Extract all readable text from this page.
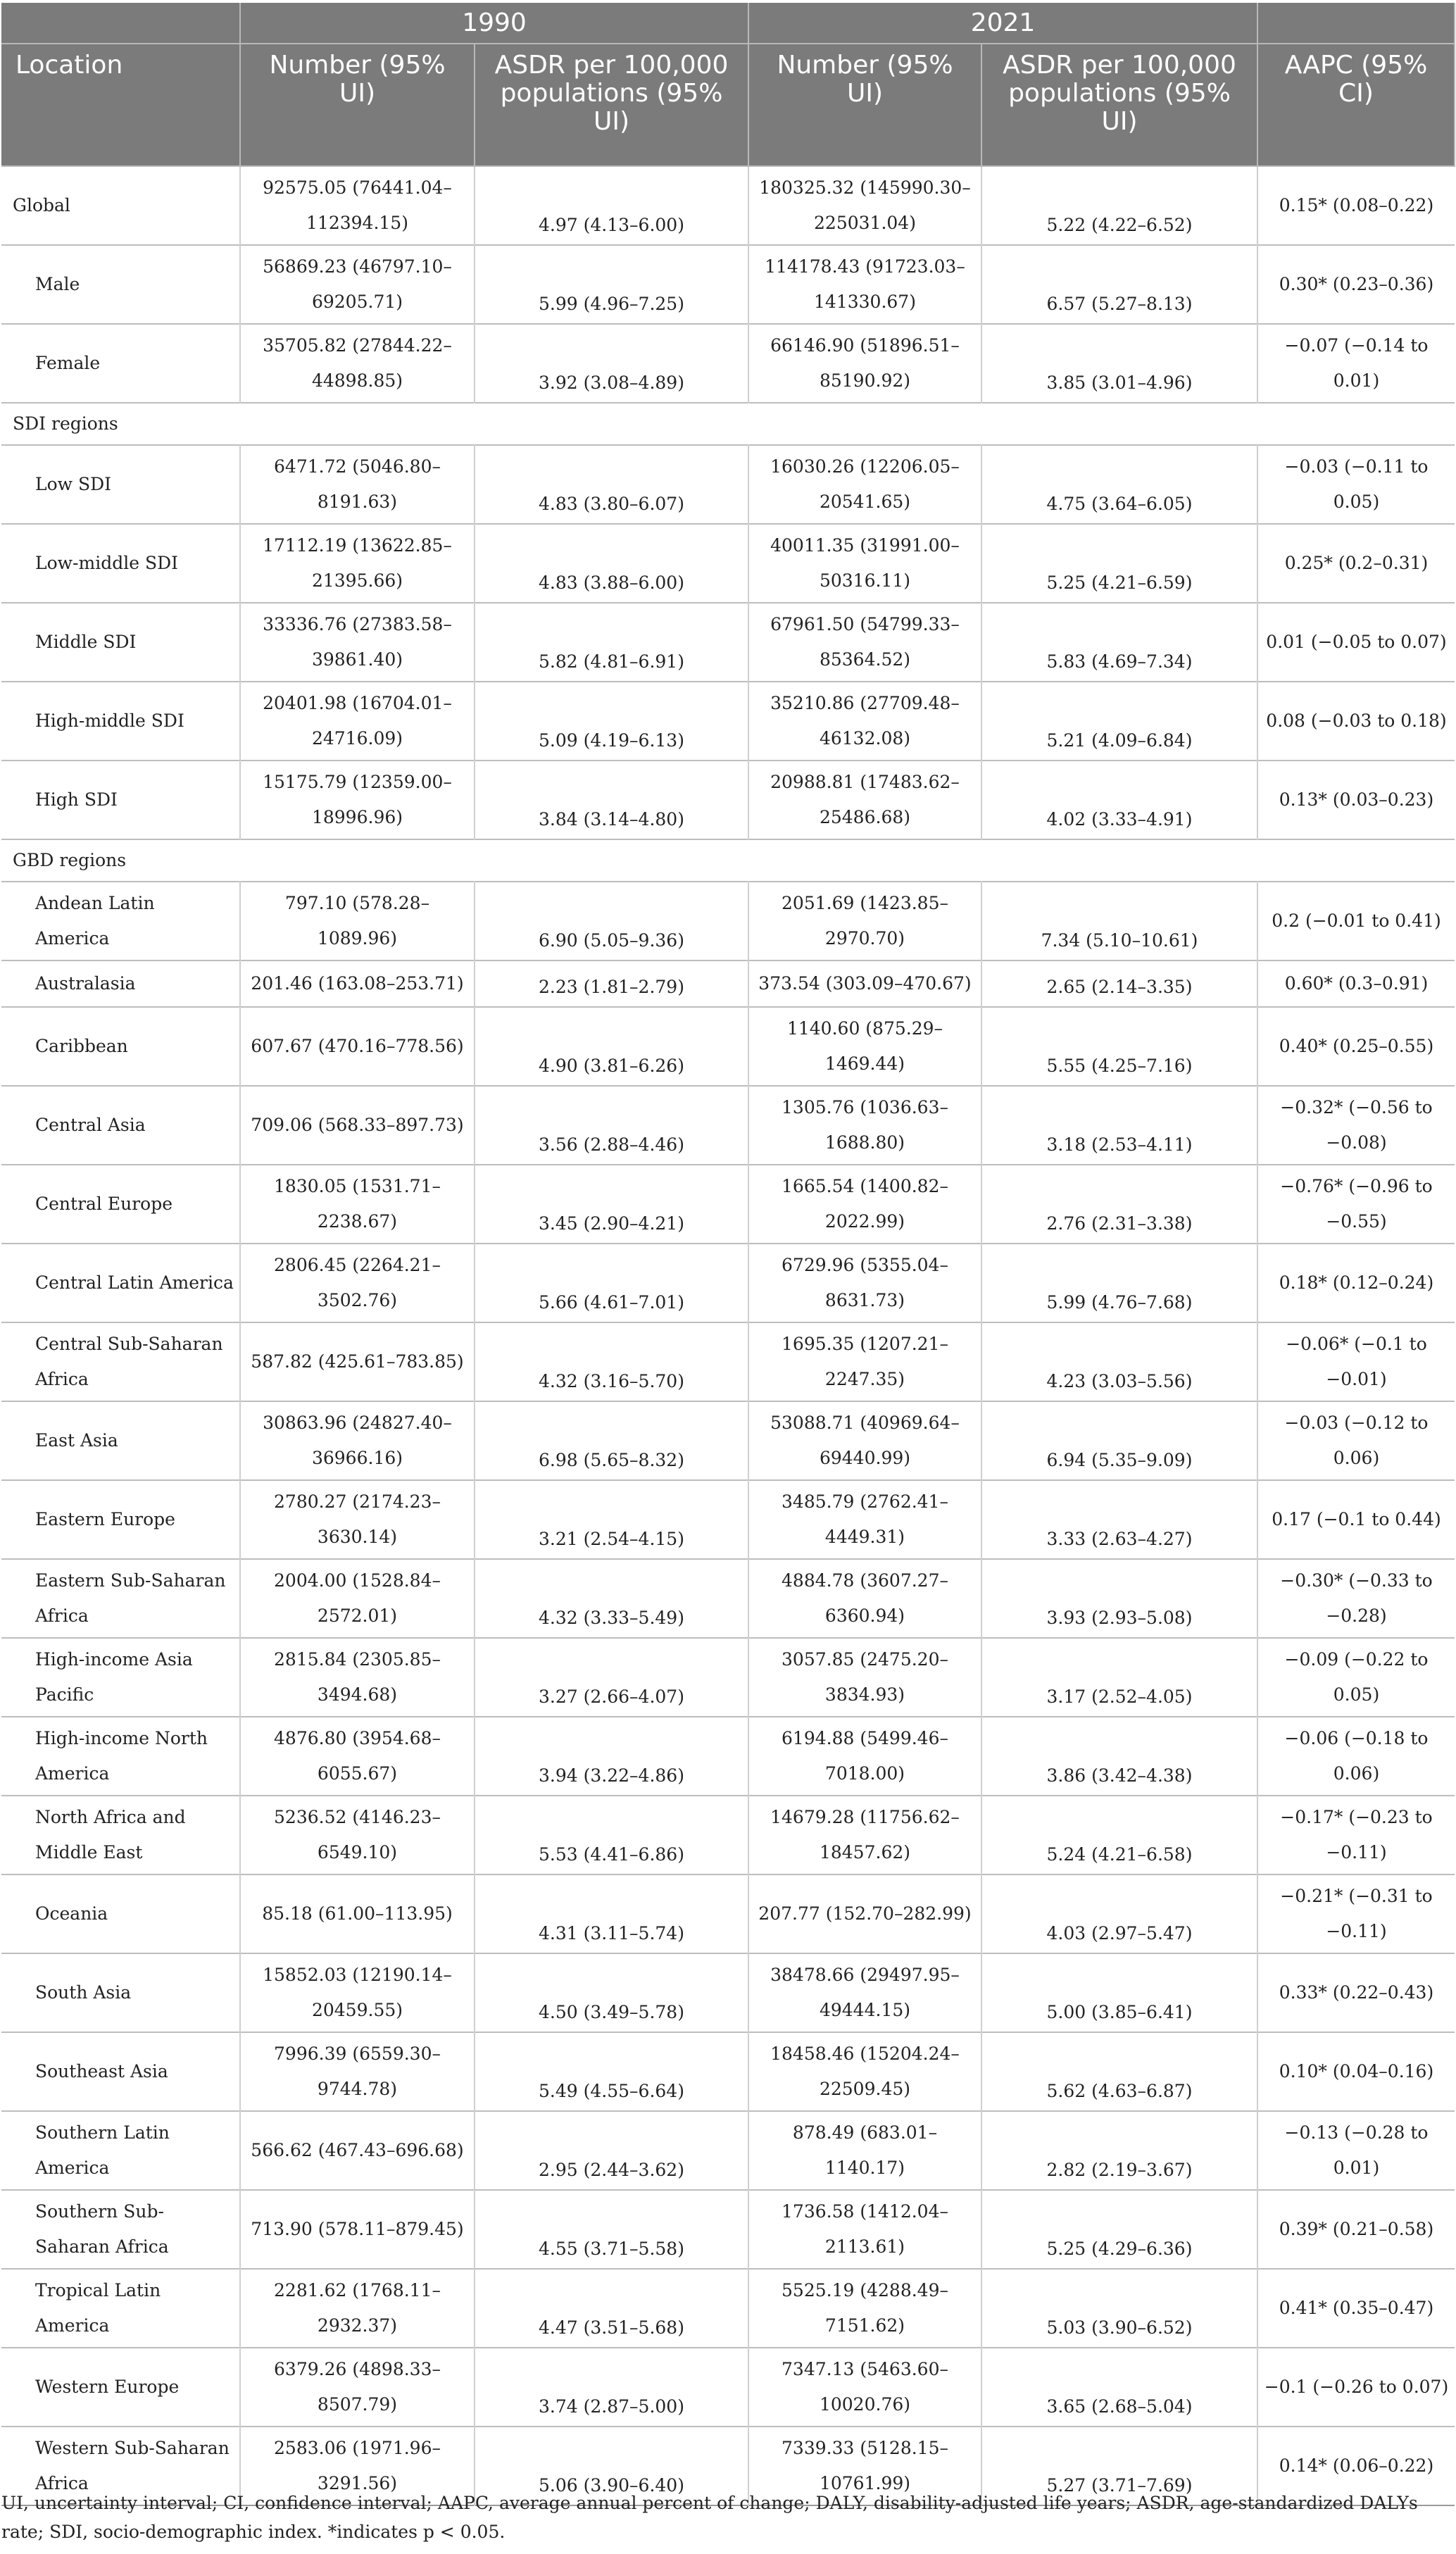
	1990		2021		
Location	Number (95% UI)	ASDR per 100,000 populations (95% UI)	Number (95% UI)	ASDR per 100,000 populations (95% UI)	AAPC (95% CI)
Global	92575.05 (76441.04–112394.15)	4.97 (4.13–6.00)	180325.32 (145990.30–225031.04)	5.22 (4.22–6.52)	0.15* (0.08–0.22)
Male	56869.23 (46797.10–69205.71)	5.99 (4.96–7.25)	114178.43 (91723.03–141330.67)	6.57 (5.27–8.13)	0.30* (0.23–0.36)
Female	35705.82 (27844.22–44898.85)	3.92 (3.08–4.89)	66146.90 (51896.51–85190.92)	3.85 (3.01–4.96)	−0.07 (−0.14 to 0.01)
SDI regions					
Low SDI	6471.72 (5046.80–8191.63)	4.83 (3.80–6.07)	16030.26 (12206.05–20541.65)	4.75 (3.64–6.05)	−0.03 (−0.11 to 0.05)
Low-middle SDI	17112.19 (13622.85–21395.66)	4.83 (3.88–6.00)	40011.35 (31991.00–50316.11)	5.25 (4.21–6.59)	0.25* (0.2–0.31)
Middle SDI	33336.76 (27383.58–39861.40)	5.82 (4.81–6.91)	67961.50 (54799.33–85364.52)	5.83 (4.69–7.34)	0.01 (−0.05 to 0.07)
High-middle SDI	20401.98 (16704.01–24716.09)	5.09 (4.19–6.13)	35210.86 (27709.48–46132.08)	5.21 (4.09–6.84)	0.08 (−0.03 to 0.18)
High SDI	15175.79 (12359.00–18996.96)	3.84 (3.14–4.80)	20988.81 (17483.62–25486.68)	4.02 (3.33–4.91)	0.13* (0.03–0.23)
GBD regions					
Andean Latin America	797.10 (578.28–1089.96)	6.90 (5.05–9.36)	2051.69 (1423.85–2970.70)	7.34 (5.10–10.61)	0.2 (−0.01 to 0.41)
Australasia	201.46 (163.08–253.71)	2.23 (1.81–2.79)	373.54 (303.09–470.67)	2.65 (2.14–3.35)	0.60* (0.3–0.91)
Caribbean	607.67 (470.16–778.56)	4.90 (3.81–6.26)	1140.60 (875.29–1469.44)	5.55 (4.25–7.16)	0.40* (0.25–0.55)
Central Asia	709.06 (568.33–897.73)	3.56 (2.88–4.46)	1305.76 (1036.63–1688.80)	3.18 (2.53–4.11)	−0.32* (−0.56 to −0.08)
Central Europe	1830.05 (1531.71–2238.67)	3.45 (2.90–4.21)	1665.54 (1400.82–2022.99)	2.76 (2.31–3.38)	−0.76* (−0.96 to −0.55)
Central Latin America	2806.45 (2264.21–3502.76)	5.66 (4.61–7.01)	6729.96 (5355.04–8631.73)	5.99 (4.76–7.68)	0.18* (0.12–0.24)
Central Sub-Saharan Africa	587.82 (425.61–783.85)	4.32 (3.16–5.70)	1695.35 (1207.21–2247.35)	4.23 (3.03–5.56)	−0.06* (−0.1 to −0.01)
East Asia	30863.96 (24827.40–36966.16)	6.98 (5.65–8.32)	53088.71 (40969.64–69440.99)	6.94 (5.35–9.09)	−0.03 (−0.12 to 0.06)
Eastern Europe	2780.27 (2174.23–3630.14)	3.21 (2.54–4.15)	3485.79 (2762.41–4449.31)	3.33 (2.63–4.27)	0.17 (−0.1 to 0.44)
Eastern Sub-Saharan Africa	2004.00 (1528.84–2572.01)	4.32 (3.33–5.49)	4884.78 (3607.27–6360.94)	3.93 (2.93–5.08)	−0.30* (−0.33 to −0.28)
High-income Asia Pacific	2815.84 (2305.85–3494.68)	3.27 (2.66–4.07)	3057.85 (2475.20–3834.93)	3.17 (2.52–4.05)	−0.09 (−0.22 to 0.05)
High-income North America	4876.80 (3954.68–6055.67)	3.94 (3.22–4.86)	6194.88 (5499.46–7018.00)	3.86 (3.42–4.38)	−0.06 (−0.18 to 0.06)
North Africa and Middle East	5236.52 (4146.23–6549.10)	5.53 (4.41–6.86)	14679.28 (11756.62–18457.62)	5.24 (4.21–6.58)	−0.17* (−0.23 to −0.11)
Oceania	85.18 (61.00–113.95)	4.31 (3.11–5.74)	207.77 (152.70–282.99)	4.03 (2.97–5.47)	−0.21* (−0.31 to −0.11)
South Asia	15852.03 (12190.14–20459.55)	4.50 (3.49–5.78)	38478.66 (29497.95–49444.15)	5.00 (3.85–6.41)	0.33* (0.22–0.43)
Southeast Asia	7996.39 (6559.30–9744.78)	5.49 (4.55–6.64)	18458.46 (15204.24–22509.45)	5.62 (4.63–6.87)	0.10* (0.04–0.16)
Southern Latin America	566.62 (467.43–696.68)	2.95 (2.44–3.62)	878.49 (683.01–1140.17)	2.82 (2.19–3.67)	−0.13 (−0.28 to 0.01)
Southern Sub-Saharan Africa	713.90 (578.11–879.45)	4.55 (3.71–5.58)	1736.58 (1412.04–2113.61)	5.25 (4.29–6.36)	0.39* (0.21–0.58)
Tropical Latin America	2281.62 (1768.11–2932.37)	4.47 (3.51–5.68)	5525.19 (4288.49–7151.62)	5.03 (3.90–6.52)	0.41* (0.35–0.47)
Western Europe	6379.26 (4898.33–8507.79)	3.74 (2.87–5.00)	7347.13 (5463.60–10020.76)	3.65 (2.68–5.04)	−0.1 (−0.26 to 0.07)
Western Sub-Saharan Africa	2583.06 (1971.96–3291.56)	5.06 (3.90–6.40)	7339.33 (5128.15–10761.99)	5.27 (3.71–7.69)	0.14* (0.06–0.22)
UI, uncertainty interval; CI, confidence interval; AAPC, average annual percent of change; DALY, disability-adjusted life years; ASDR, age-standardized DALYs rate; SDI, socio-demographic index. *indicates p < 0.05.
